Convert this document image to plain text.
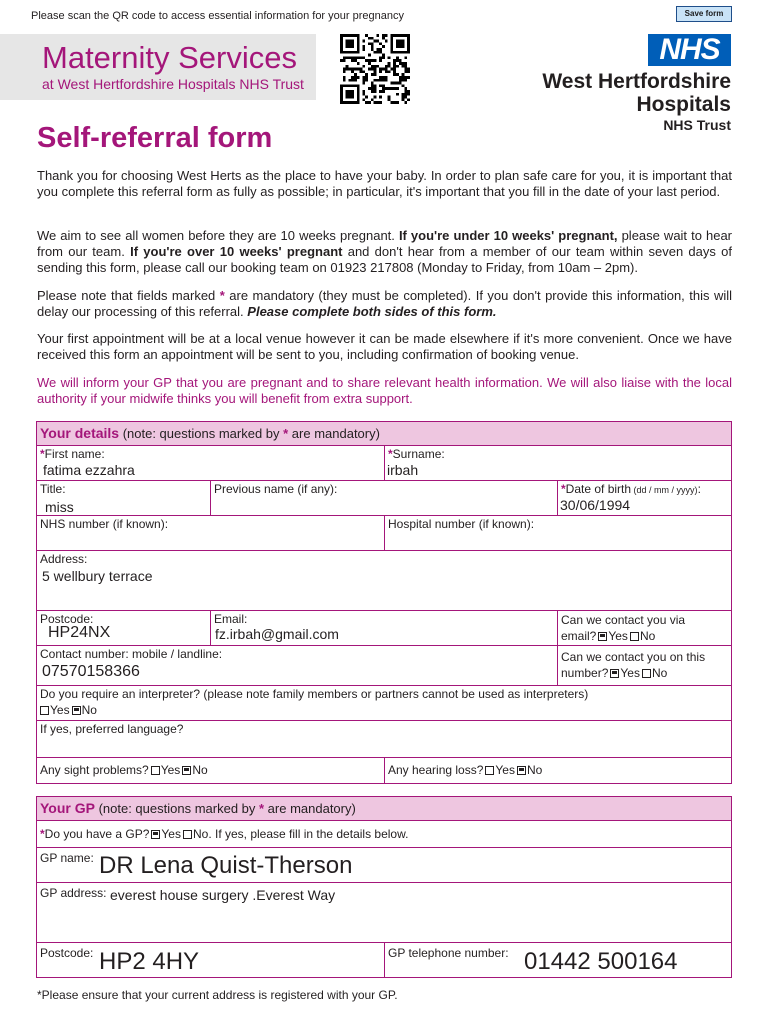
Please scan the QR code to access essential information for your pregnancy	Save form
Maternity Services
at West Hertfordshire Hospitals NHS Trust
NHS
West Hertfordshire
Hospitals
NHS Trust
Self-referral form
Thank you for choosing West Herts as the place to have your baby. In order to plan safe care for you, it is important that you complete this referral form as fully as possible; in particular, it's important that you fill in the date of your last period.
We aim to see all women before they are 10 weeks pregnant. If you're under 10 weeks' pregnant, please wait to hear from our team. If you're over 10 weeks' pregnant and don't hear from a member of our team within seven days of sending this form, please call our booking team on 01923 217808 (Monday to Friday, from 10am – 2pm).
Please note that fields marked * are mandatory (they must be completed). If you don't provide this information, this will delay our processing of this referral. Please complete both sides of this form.
Your first appointment will be at a local venue however it can be made elsewhere if it's more convenient. Once we have received this form an appointment will be sent to you, including confirmation of booking venue.
We will inform your GP that you are pregnant and to share relevant health information. We will also liaise with the local authority if your midwife thinks you will benefit from extra support.
Your details (note: questions marked by * are mandatory)
*First name:
fatima ezzahra
*Surname:
irbah
Title:
miss
Previous name (if any):	*Date of birth (dd / mm / yyyy):
30/06/1994
NHS number (if known):	Hospital number (if known):
Address:
5 wellbury terrace
Postcode:
HP24NX
Email:
fz.irbah@gmail.com
Can we contact you via
email? Yes No
Contact number: mobile / landline:
07570158366
Can we contact you on this
number? Yes No
Do you require an interpreter? (please note family members or partners cannot be used as interpreters)
Yes No
If yes, preferred language?
Any sight problems? Yes No	Any hearing loss? Yes No
Your GP (note: questions marked by * are mandatory)
*Do you have a GP? Yes No. If yes, please fill in the details below.
GP name: DR Lena Quist-Therson
GP address: everest house surgery .Everest Way
Postcode: HP2 4HY	GP telephone number: 01442 500164
*Please ensure that your current address is registered with your GP.
